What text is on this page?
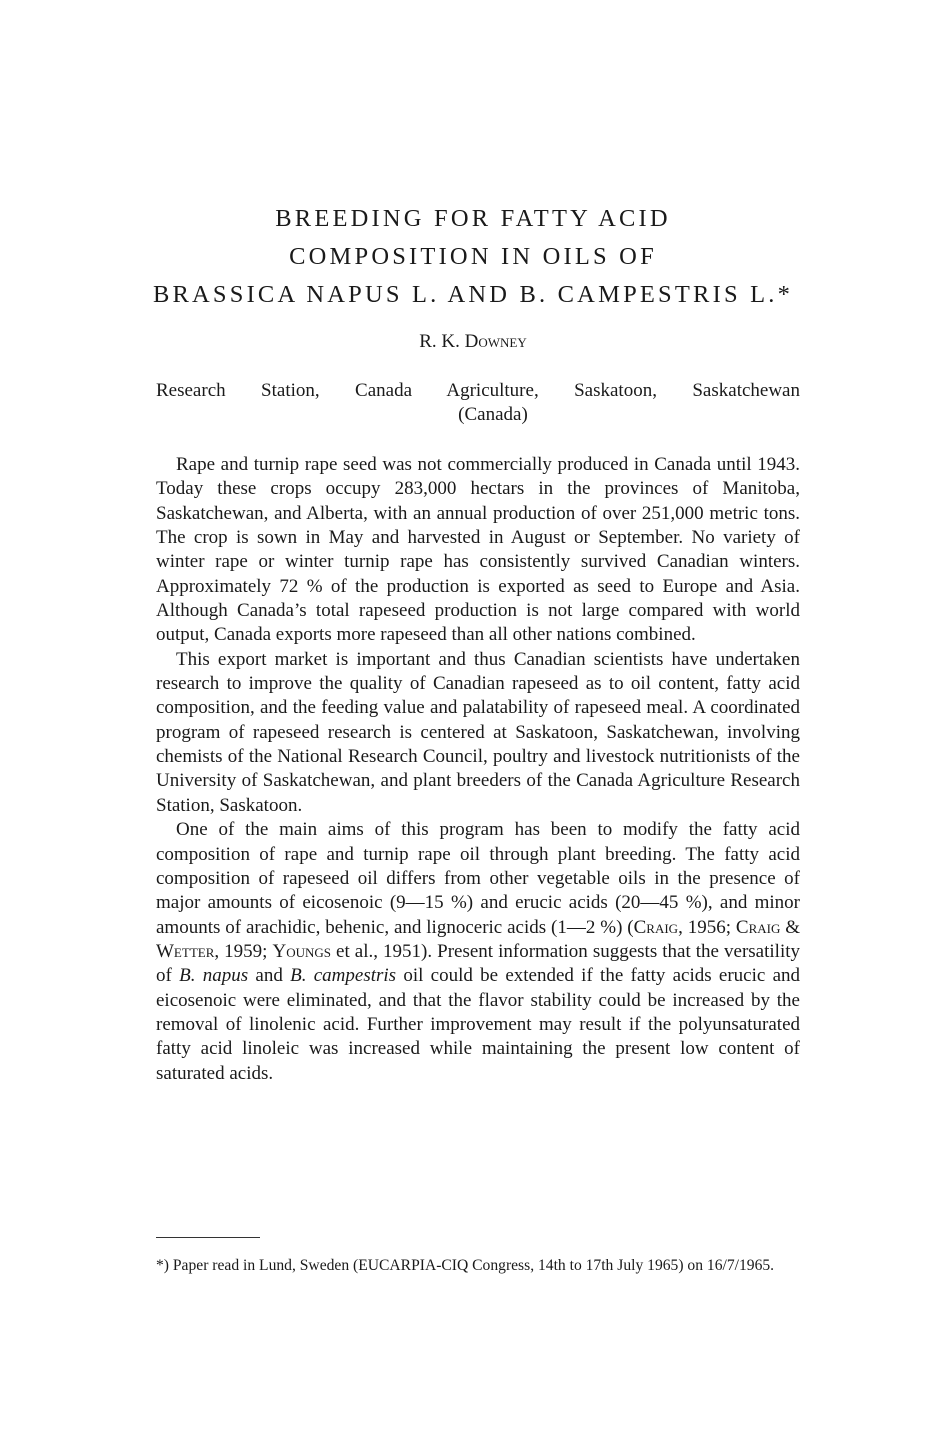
BREEDING FOR FATTY ACID
COMPOSITION IN OILS OF
BRASSICA NAPUS L. AND B. CAMPESTRIS L.*

R. K. Downey

Research Station, Canada Agriculture, Saskatoon, Saskatchewan
(Canada)

Rape and turnip rape seed was not commercially produced in Canada until 1943. Today these crops occupy 283,000 hectars in the provinces of Manitoba, Saskatchewan, and Alberta, with an annual production of over 251,000 metric tons. The crop is sown in May and harvested in August or September. No variety of winter rape or winter turnip rape has consistently survived Canadian winters. Approximately 72 % of the production is exported as seed to Europe and Asia. Although Canada’s total rapeseed production is not large compared with world output, Canada exports more rapeseed than all other nations combined.

This export market is important and thus Canadian scientists have undertaken research to improve the quality of Canadian rapeseed as to oil content, fatty acid composition, and the feeding value and palatability of rapeseed meal. A coordinated program of rapeseed research is centered at Saskatoon, Saskatchewan, involving chemists of the National Research Council, poultry and livestock nutritionists of the University of Saskatchewan, and plant breeders of the Canada Agriculture Research Station, Saskatoon.

One of the main aims of this program has been to modify the fatty acid composition of rape and turnip rape oil through plant breeding. The fatty acid composition of rapeseed oil differs from other vegetable oils in the presence of major amounts of eicosenoic (9—15 %) and erucic acids (20—45 %), and minor amounts of arachidic, behenic, and lignoceric acids (1—2 %) (Craig, 1956; Craig & Wetter, 1959; Youngs et al., 1951). Present information suggests that the versatility of B. napus and B. campestris oil could be extended if the fatty acids erucic and eicosenoic were eliminated, and that the flavor stability could be increased by the removal of linolenic acid. Further improvement may result if the polyunsaturated fatty acid linoleic was increased while maintaining the present low content of saturated acids.

*) Paper read in Lund, Sweden (EUCARPIA-CIQ Congress, 14th to 17th July 1965) on 16/7/1965.
